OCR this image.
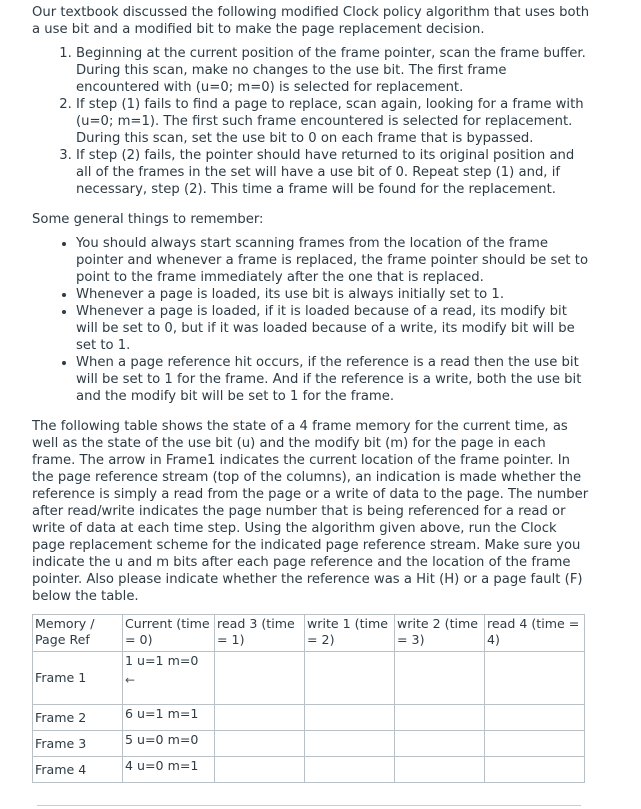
Our textbook discussed the following modified Clock policy algorithm that uses both a use bit and a modified bit to make the page replacement decision.

1. Beginning at the current position of the frame pointer, scan the frame buffer. During this scan, make no changes to the use bit. The first frame encountered with (u=0; m=0) is selected for replacement.
2. If step (1) fails to find a page to replace, scan again, looking for a frame with (u=0; m=1). The first such frame encountered is selected for replacement. During this scan, set the use bit to 0 on each frame that is bypassed.
3. If step (2) fails, the pointer should have returned to its original position and all of the frames in the set will have a use bit of 0. Repeat step (1) and, if necessary, step (2). This time a frame will be found for the replacement.

Some general things to remember:

• You should always start scanning frames from the location of the frame pointer and whenever a frame is replaced, the frame pointer should be set to point to the frame immediately after the one that is replaced.
• Whenever a page is loaded, its use bit is always initially set to 1.
• Whenever a page is loaded, if it is loaded because of a read, its modify bit will be set to 0, but if it was loaded because of a write, its modify bit will be set to 1.
• When a page reference hit occurs, if the reference is a read then the use bit will be set to 1 for the frame. And if the reference is a write, both the use bit and the modify bit will be set to 1 for the frame.

The following table shows the state of a 4 frame memory for the current time, as well as the state of the use bit (u) and the modify bit (m) for the page in each frame. The arrow in Frame1 indicates the current location of the frame pointer. In the page reference stream (top of the columns), an indication is made whether the reference is simply a read from the page or a write of data to the page. The number after read/write indicates the page number that is being referenced for a read or write of data at each time step. Using the algorithm given above, run the Clock page replacement scheme for the indicated page reference stream. Make sure you indicate the u and m bits after each page reference and the location of the frame pointer. Also please indicate whether the reference was a Hit (H) or a page fault (F) below the table.

Memory / Page Ref	Current (time = 0)	read 3 (time = 1)	write 1 (time = 2)	write 2 (time = 3)	read 4 (time = 4)
Frame 1	1 u=1 m=0
←				

Frame 2	6 u=1 m=1				
Frame 3	5 u=0 m=0				
Frame 4	4 u=0 m=1				
